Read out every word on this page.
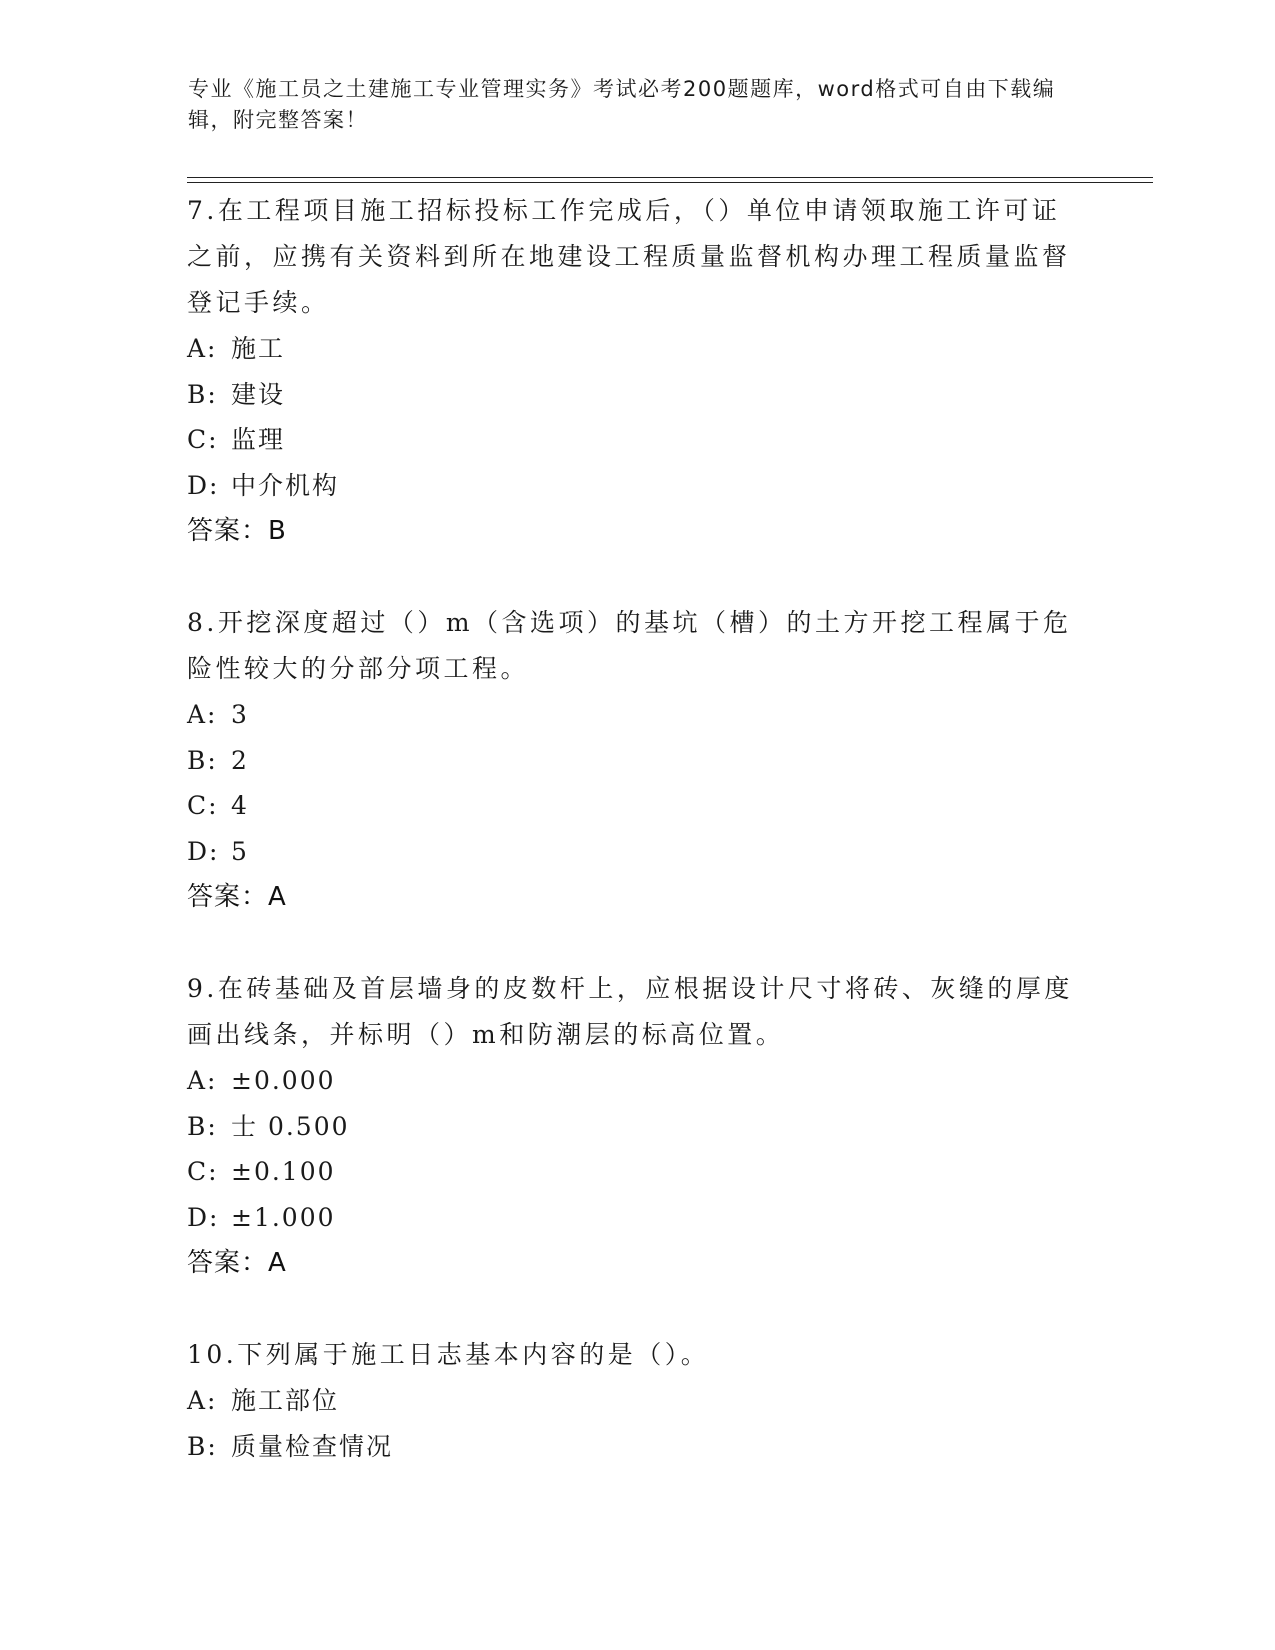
专业《施工员之土建施工专业管理实务》考试必考200题题库，word格式可自由下载编辑，附完整答案！

7.在工程项目施工招标投标工作完成后，（）单位申请领取施工许可证之前，应携有关资料到所在地建设工程质量监督机构办理工程质量监督登记手续。

A: 施工
B: 建设
C: 监理
D: 中介机构
答案：B

8.开挖深度超过（）m（含选项）的基坑（槽）的土方开挖工程属于危险性较大的分部分项工程。

A: 3
B: 2
C: 4
D: 5
答案：A

9.在砖基础及首层墙身的皮数杆上，应根据设计尺寸将砖、灰缝的厚度画出线条，并标明（）m和防潮层的标高位置。

A: ±0.000
B: 士 0.500
C: ±0.100
D: ±1.000
答案：A

10.下列属于施工日志基本内容的是（）。

A: 施工部位
B: 质量检查情况
